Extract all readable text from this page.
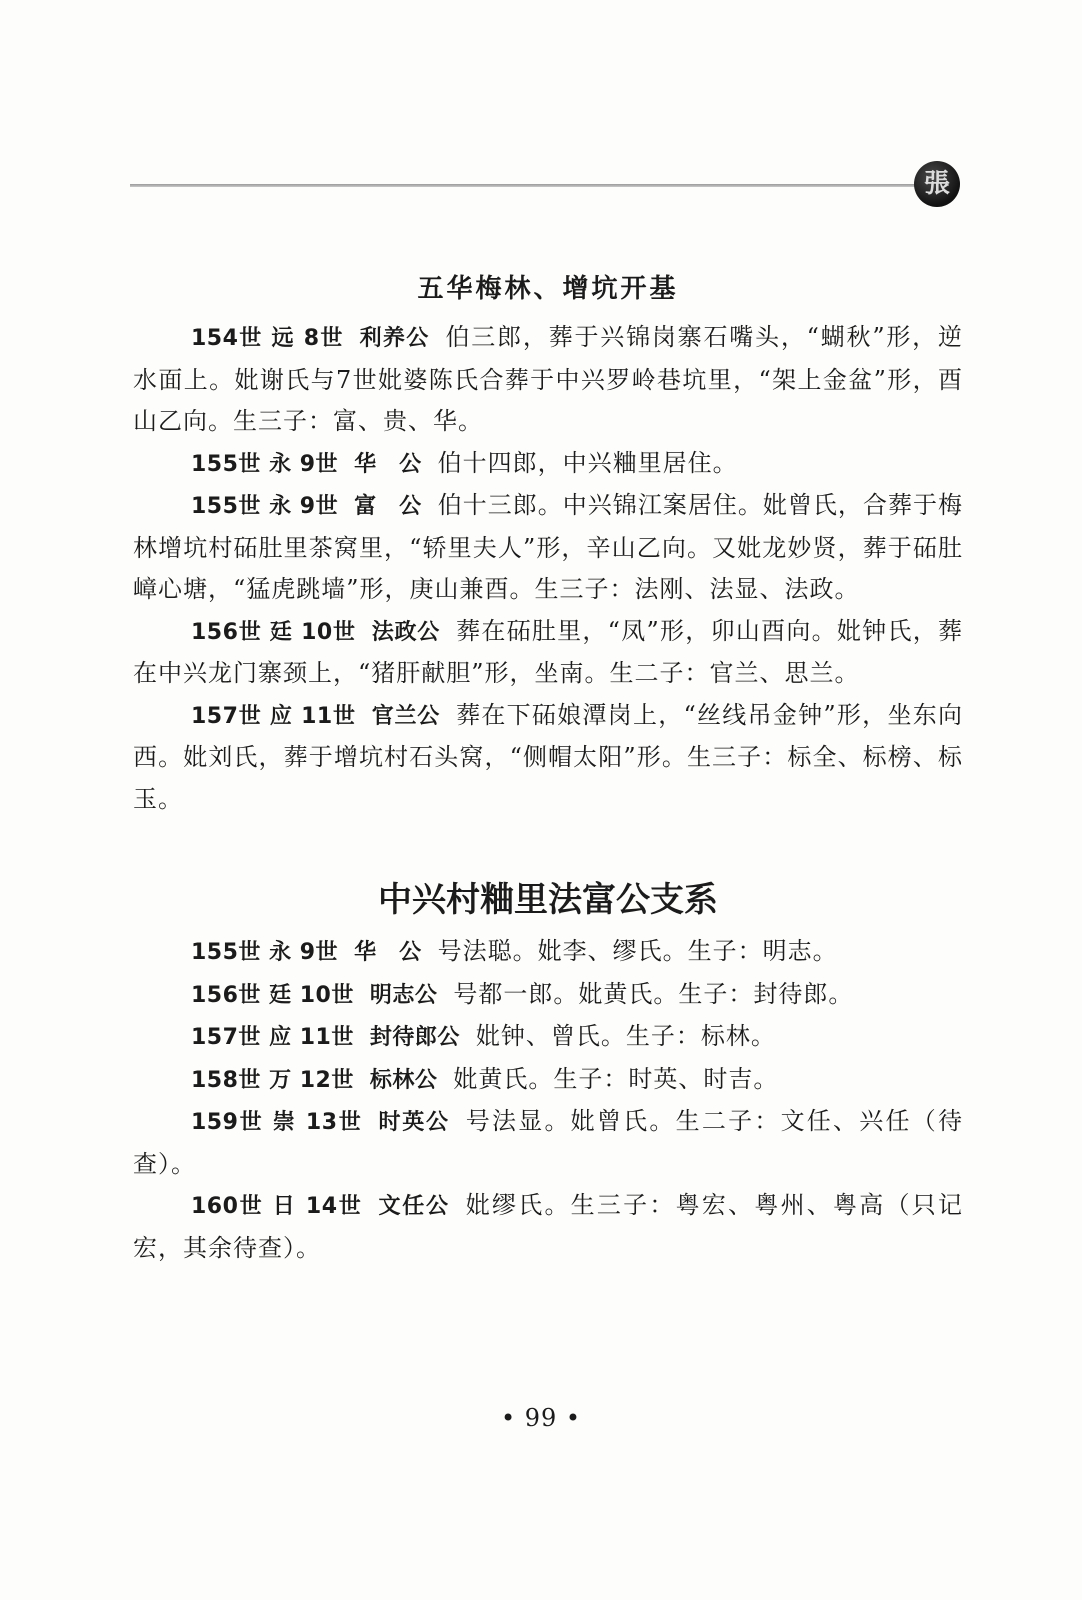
張
五华梅林、增坑开基

154世 远 8世 利养公 伯三郎，葬于兴锦岗寨石嘴头，“蝴秋”形，逆水面上。妣谢氏与7世妣婆陈氏合葬于中兴罗岭巷坑里，“架上金盆”形，酉山乙向。生三子：富、贵、华。

155世 永 9世 华　公 伯十四郎，中兴粬里居住。

155世 永 9世 富　公 伯十三郎。中兴锦江案居住。妣曾氏，合葬于梅林增坑村砳肚里茶窝里，“轿里夫人”形，辛山乙向。又妣龙妙贤，葬于砳肚嶂心塘，“猛虎跳墙”形，庚山兼酉。生三子：法刚、法显、法政。

156世 廷 10世 法政公 葬在砳肚里，“凤”形，卯山酉向。妣钟氏，葬在中兴龙门寨颈上，“猪肝献胆”形，坐南。生二子：官兰、思兰。

157世 应 11世 官兰公 葬在下砳娘潭岗上，“丝线吊金钟”形，坐东向西。妣刘氏，葬于增坑村石头窝，“侧帽太阳”形。生三子：标全、标榜、标玉。

中兴村粬里法富公支系

155世 永 9世 华　公 号法聪。妣李、缪氏。生子：明志。

156世 廷 10世 明志公 号都一郎。妣黄氏。生子：封待郎。

157世 应 11世 封待郎公 妣钟、曾氏。生子：标林。

158世 万 12世 标林公 妣黄氏。生子：时英、时吉。

159世 崇 13世 时英公 号法显。妣曾氏。生二子：文任、兴任（待查）。

160世 日 14世 文任公 妣缪氏。生三子：粤宏、粤州、粤高（只记宏，其余待查）。

• 99 •
